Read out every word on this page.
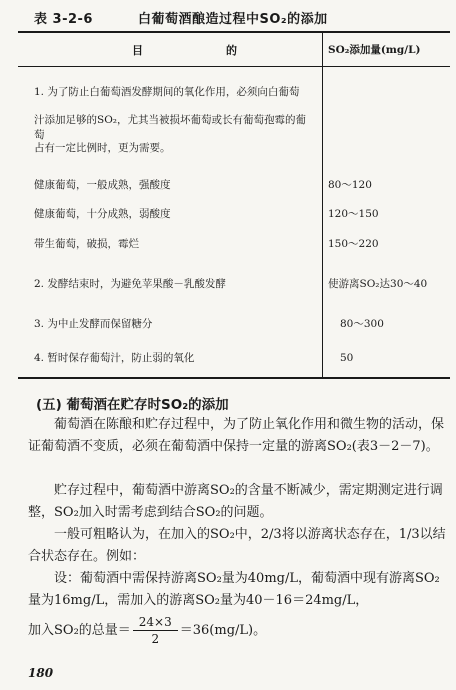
表 3-2-6	白葡萄酒酿造过程中SO₂的添加
目	的	SO₂添加量(mg/L)
1. 为了防止白葡萄酒发酵期间的氧化作用，必须向白葡萄
汁添加足够的SO₂，尤其当被损坏葡萄或长有葡萄孢霉的葡萄
占有一定比例时，更为需要。
健康葡萄，一般成熟，强酸度	80～120
健康葡萄，十分成熟，弱酸度	120～150
带生葡萄，破损，霉烂	150～220
2. 发酵结束时，为避免苹果酸－乳酸发酵	使游离SO₂达30～40
3. 为中止发酵而保留糖分	80～300
4. 暂时保存葡萄汁，防止弱的氧化	50
(五) 葡萄酒在贮存时SO₂的添加
葡萄酒在陈酿和贮存过程中，为了防止氧化作用和微生物的活动，保证葡萄酒不变质，必须在葡萄酒中保持一定量的游离SO₂(表3－2－7)。
贮存过程中，葡萄酒中游离SO₂的含量不断减少，需定期测定进行调整，SO₂加入时需考虑到结合SO₂的问题。
一般可粗略认为，在加入的SO₂中，2/3将以游离状态存在，1/3以结合状态存在。例如：
设：葡萄酒中需保持游离SO₂量为40mg/L，葡萄酒中现有游离SO₂量为16mg/L，需加入的游离SO₂量为40－16＝24mg/L，
加入SO₂的总量＝ $\frac{24\times 3}{2} =36(mg/L)$。
180
